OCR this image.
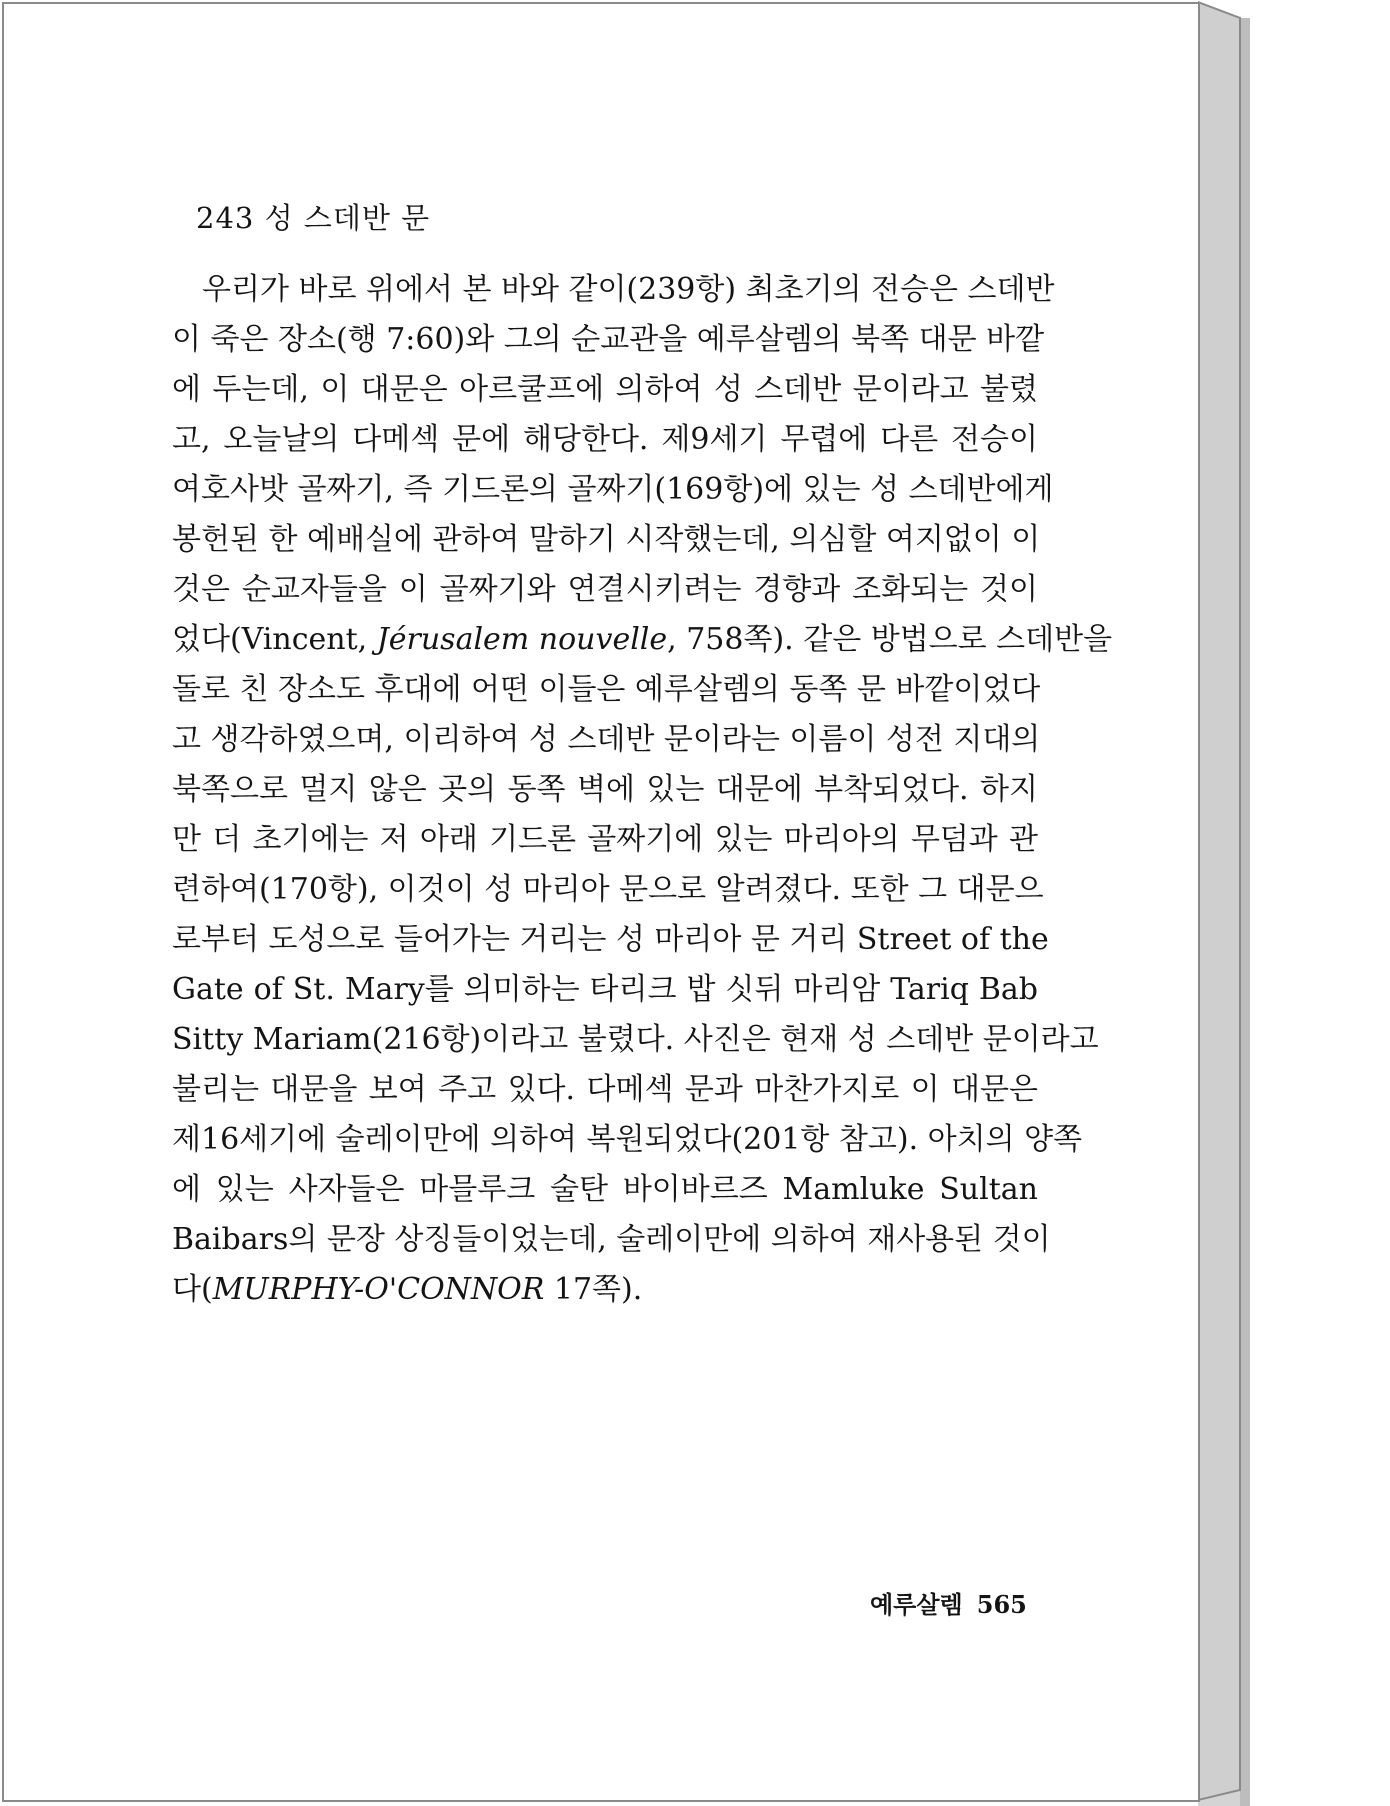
243 성 스데반 문
우리가 바로 위에서 본 바와 같이(239항) 최초기의 전승은 스데반
이 죽은 장소(행 7:60)와 그의 순교관을 예루살렘의 북쪽 대문 바깥
에 두는데, 이 대문은 아르쿨프에 의하여 성 스데반 문이라고 불렸
고, 오늘날의 다메섹 문에 해당한다. 제9세기 무렵에 다른 전승이
여호사밧 골짜기, 즉 기드론의 골짜기(169항)에 있는 성 스데반에게
봉헌된 한 예배실에 관하여 말하기 시작했는데, 의심할 여지없이 이
것은 순교자들을 이 골짜기와 연결시키려는 경향과 조화되는 것이
었다(Vincent, Jérusalem nouvelle, 758쪽). 같은 방법으로 스데반을
돌로 친 장소도 후대에 어떤 이들은 예루살렘의 동쪽 문 바깥이었다
고 생각하였으며, 이리하여 성 스데반 문이라는 이름이 성전 지대의
북쪽으로 멀지 않은 곳의 동쪽 벽에 있는 대문에 부착되었다. 하지
만 더 초기에는 저 아래 기드론 골짜기에 있는 마리아의 무덤과 관
련하여(170항), 이것이 성 마리아 문으로 알려졌다. 또한 그 대문으
로부터 도성으로 들어가는 거리는 성 마리아 문 거리 Street of the
Gate of St. Mary를 의미하는 타리크 밥 싯뒤 마리암 Tariq Bab
Sitty Mariam(216항)이라고 불렸다. 사진은 현재 성 스데반 문이라고
불리는 대문을 보여 주고 있다. 다메섹 문과 마찬가지로 이 대문은
제16세기에 술레이만에 의하여 복원되었다(201항 참고). 아치의 양쪽
에 있는 사자들은 마믈루크 술탄 바이바르즈 Mamluke Sultan
Baibars의 문장 상징들이었는데, 술레이만에 의하여 재사용된 것이
다(MURPHY-O'CONNOR 17쪽).
예루살렘 565
